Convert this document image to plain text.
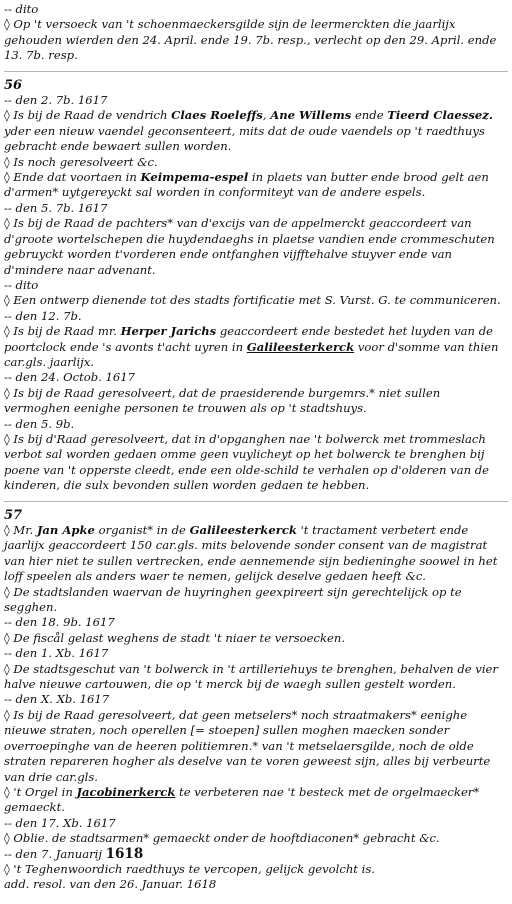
-- dito
◊ Op 't versoeck van 't schoenmaeckersgilde sijn de leermerckten die jaarlijx gehouden wierden den 24. April. ende 19. 7b. resp., verlecht op den 29. April. ende 13. 7b. resp.
56
-- den 2. 7b. 1617
◊ Is bij de Raad de vendrich Claes Roeleffs, Ane Willems ende Tieerd Claessez. yder een nieuw vaendel geconsenteert, mits dat de oude vaendels op 't raedthuys gebracht ende bewaert sullen worden.
◊ Is noch geresolveert &c.
◊ Ende dat voortaen in Keimpema-espel in plaets van butter ende brood gelt aen d'armen* uytgereyckt sal worden in conformiteyt van de andere espels.
-- den 5. 7b. 1617
◊ Is bij de Raad de pachters* van d'excijs van de appelmerckt geaccordeert van d'groote wortelschepen die huydendaeghs in plaetse vandien ende crommeschuten gebruyckt worden t'vorderen ende ontfanghen vijfftehalve stuyver ende van d'mindere naar advenant.
-- dito
◊ Een ontwerp dienende tot des stadts fortificatie met S. Vurst. G. te communiceren.
-- den 12. 7b.
◊ Is bij de Raad mr. Herper Jarichs geaccordeert ende bestedet het luyden van de poortclock ende 's avonts t'acht uyren in Galileesterkerck voor d'somme van thien car.gls. jaarlijx.
-- den 24. Octob. 1617
◊ Is bij de Raad geresolveert, dat de praesiderende burgemrs.* niet sullen vermoghen eenighe personen te trouwen als op 't stadtshuys.
-- den 5. 9b.
◊ Is bij d'Raad geresolveert, dat in d'opganghen nae 't bolwerck met trommeslach verbot sal worden gedaen omme geen vuylicheyt op het bolwerck te brenghen bij poene van 't opperste cleedt, ende een olde-schild te verhalen op d'olderen van de kinderen, die sulx bevonden sullen worden gedaen te hebben.
57
◊ Mr. Jan Apke organist* in de Galileesterkerck 't tractament verbetert ende jaarlijx geaccordeert 150 car.gls. mits belovende sonder consent van de magistrat van hier niet te sullen vertrecken, ende aennemende sijn bedieninghe soowel in het loff speelen als anders waer te nemen, gelijck deselve gedaen heeft &c.
◊ De stadtslanden waervan de huyringhen geexpireert sijn gerechtelijck op te segghen.
-- den 18. 9b. 1617
◊ De fiscål gelast weghens de stadt 't niaer te versoecken.
-- den 1. Xb. 1617
◊ De stadtsgeschut van 't bolwerck in 't artilleriehuys te brenghen, behalven de vier halve nieuwe cartouwen, die op 't merck bij de waegh sullen gestelt worden.
-- den X. Xb. 1617
◊ Is bij de Raad geresolveert, dat geen metselers* noch straatmakers* eenighe nieuwe straten, noch operellen [= stoepen] sullen moghen maecken sonder overroepinghe van de heeren politiemren.* van 't metselaersgilde, noch de olde straten repareren hogher als deselve van te voren geweest sijn, alles bij verbeurte van drie car.gls.
◊ 't Orgel in Jacobinerkerck te verbeteren nae 't besteck met de orgelmaecker* gemaeckt.
-- den 17. Xb. 1617
◊ Oblie. de stadtsarmen* gemaeckt onder de hooftdiaconen* gebracht &c.
-- den 7. Januarij 1618
◊ 't Teghenwoordich raedthuys te vercopen, gelijck gevolcht is.
add. resol. van den 26. Januar. 1618
